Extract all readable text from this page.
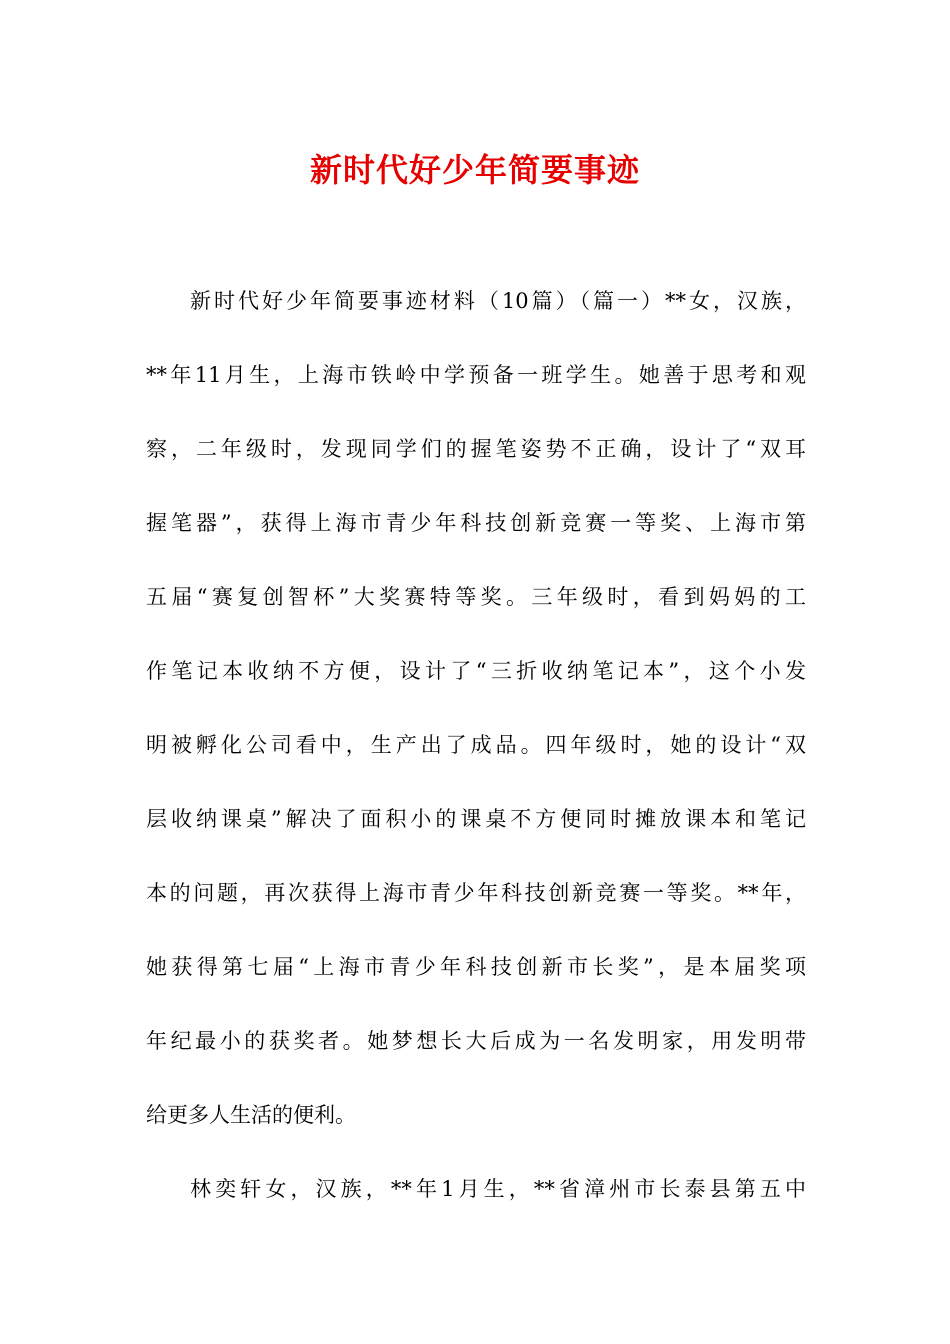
新时代好少年简要事迹
新时代好少年简要事迹材料（10篇）（篇一）**女，汉族，
**年11月生，上海市铁岭中学预备一班学生。她善于思考和观
察，二年级时，发现同学们的握笔姿势不正确，设计了“双耳
握笔器”，获得上海市青少年科技创新竞赛一等奖、上海市第
五届“赛复创智杯”大奖赛特等奖。三年级时，看到妈妈的工
作笔记本收纳不方便，设计了“三折收纳笔记本”，这个小发
明被孵化公司看中，生产出了成品。四年级时，她的设计“双
层收纳课桌”解决了面积小的课桌不方便同时摊放课本和笔记
本的问题，再次获得上海市青少年科技创新竞赛一等奖。**年，
她获得第七届“上海市青少年科技创新市长奖”，是本届奖项
年纪最小的获奖者。她梦想长大后成为一名发明家，用发明带
给更多人生活的便利。
林奕轩女，汉族，**年1月生，**省漳州市长泰县第五中
